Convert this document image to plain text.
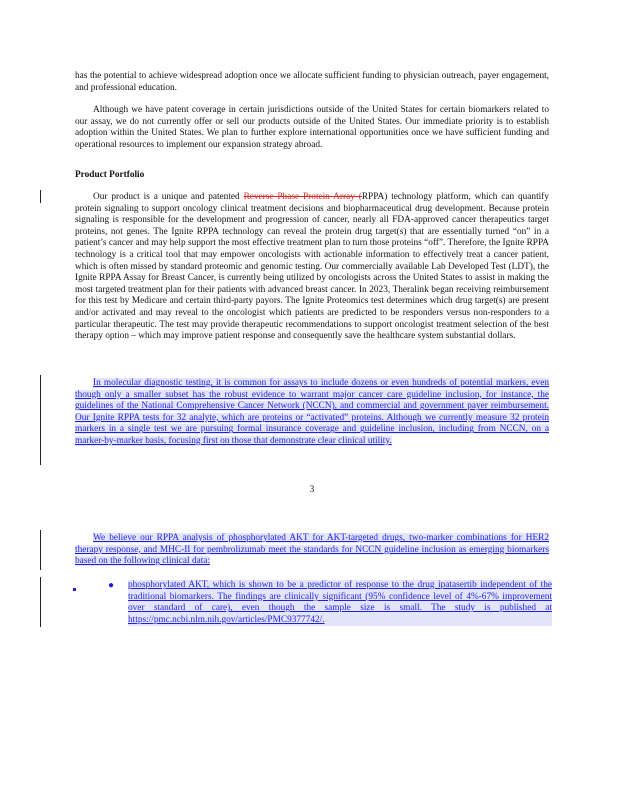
has the potential to achieve widespread adoption once we allocate sufficient funding to physician outreach, payer engagement, and professional education.

Although we have patent coverage in certain jurisdictions outside of the United States for certain biomarkers related to our assay, we do not currently offer or sell our products outside of the United States. Our immediate priority is to establish adoption within the United States. We plan to further explore international opportunities once we have sufficient funding and operational resources to implement our expansion strategy abroad.

Product Portfolio

Our product is a unique and patented Reverse Phase Protein Array (RPPA) technology platform, which can quantify protein signaling to support oncology clinical treatment decisions and biopharmaceutical drug development. Because protein signaling is responsible for the development and progression of cancer, nearly all FDA-approved cancer therapeutics target proteins, not genes. The Ignite RPPA technology can reveal the protein drug target(s) that are essentially turned “on” in a patient’s cancer and may help support the most effective treatment plan to turn those proteins “off”. Therefore, the Ignite RPPA technology is a critical tool that may empower oncologists with actionable information to effectively treat a cancer patient, which is often missed by standard proteomic and genomic testing. Our commercially available Lab Developed Test (LDT), the Ignite RPPA Assay for Breast Cancer, is currently being utilized by oncologists across the United States to assist in making the most targeted treatment plan for their patients with advanced breast cancer. In 2023, Theralink began receiving reimbursement for this test by Medicare and certain third-party payors. The Ignite Proteomics test determines which drug target(s) are present and/or activated and may reveal to the oncologist which patients are predicted to be responders versus non-responders to a particular therapeutic. The test may provide therapeutic recommendations to support oncologist treatment selection of the best therapy option – which may improve patient response and consequently save the healthcare system substantial dollars.

In molecular diagnostic testing, it is common for assays to include dozens or even hundreds of potential markers, even though only a smaller subset has the robust evidence to warrant major cancer care guideline inclusion, for instance, the guidelines of the National Comprehensive Cancer Network (NCCN), and commercial and government payer reimbursement. Our Ignite RPPA tests for 32 analyte, which are proteins or “activated” proteins. Although we currently measure 32 protein markers in a single test we are pursuing formal insurance coverage and guideline inclusion, including from NCCN, on a marker-by-marker basis, focusing first on those that demonstrate clear clinical utility.

3

We believe our RPPA analysis of phosphorylated AKT for AKT-targeted drugs, two-marker combinations for HER2 therapy response, and MHC-II for pembrolizumab meet the standards for NCCN guideline inclusion as emerging biomarkers based on the following clinical data:

●	phosphorylated AKT, which is shown to be a predictor of response to the drug ipatasertib independent of the traditional biomarkers. The findings are clinically significant (95% confidence level of 4%-67% improvement over standard of care), even though the sample size is small. The study is published at https://pmc.ncbi.nlm.nih.gov/articles/PMC9377742/.
